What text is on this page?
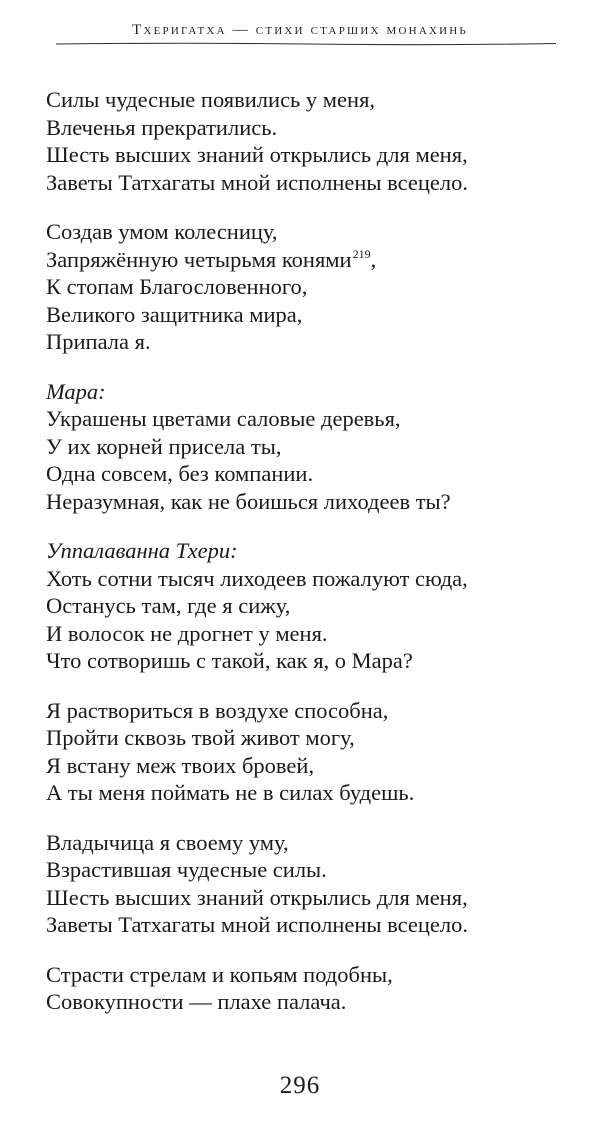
Тхеригатха — стихи старших монахинь
Силы чудесные появились у меня,
Влеченья прекратились.
Шесть высших знаний открылись для меня,
Заветы Татхагаты мной исполнены всецело.
Создав умом колесницу,
Запряжённую четырьмя конями$^{219}$,
К стопам Благословенного,
Великого защитника мира,
Припала я.
Мара:
Украшены цветами саловые деревья,
У их корней присела ты,
Одна совсем, без компании.
Неразумная, как не боишься лиходеев ты?
Уппалаванна Тхери:
Хоть сотни тысяч лиходеев пожалуют сюда,
Останусь там, где я сижу,
И волосок не дрогнет у меня.
Что сотворишь с такой, как я, о Мара?
Я раствориться в воздухе способна,
Пройти сквозь твой живот могу,
Я встану меж твоих бровей,
А ты меня поймать не в силах будешь.
Владычица я своему уму,
Взрастившая чудесные силы.
Шесть высших знаний открылись для меня,
Заветы Татхагаты мной исполнены всецело.
Страсти стрелам и копьям подобны,
Совокупности — плахе палача.
296
